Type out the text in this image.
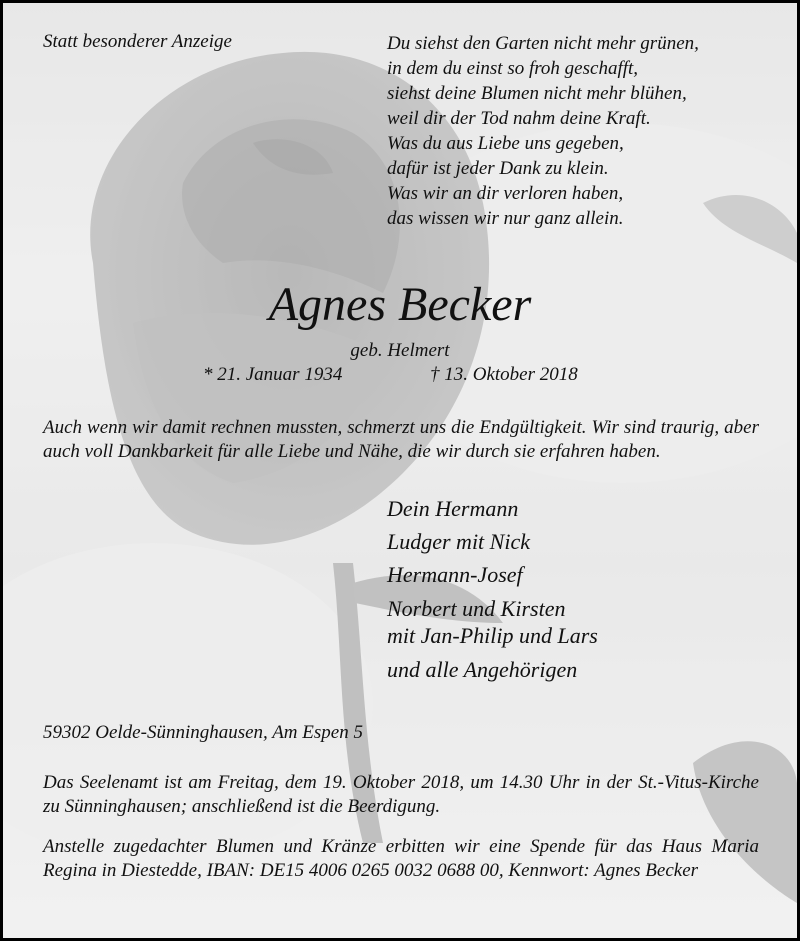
Statt besonderer Anzeige	Du siehst den Garten nicht mehr grünen,
in dem du einst so froh geschafft,
siehst deine Blumen nicht mehr blühen,
weil dir der Tod nahm deine Kraft.
Was du aus Liebe uns gegeben,
dafür ist jeder Dank zu klein.
Was wir an dir verloren haben,
das wissen wir nur ganz allein.
Agnes Becker
geb. Helmert
* 21. Januar 1934	† 13. Oktober 2018
Auch wenn wir damit rechnen mussten, schmerzt uns die Endgültigkeit. Wir sind traurig, aber auch voll Dankbarkeit für alle Liebe und Nähe, die wir durch sie erfahren haben.
Dein Hermann
Ludger mit Nick
Hermann-Josef
Norbert und Kirsten
mit Jan-Philip und Lars
und alle Angehörigen
59302 Oelde-Sünninghausen, Am Espen 5
Das Seelenamt ist am Freitag, dem 19. Oktober 2018, um 14.30 Uhr in der St.-Vitus-Kirche zu Sünninghausen; anschließend ist die Beerdigung.
Anstelle zugedachter Blumen und Kränze erbitten wir eine Spende für das Haus Maria Regina in Diestedde, IBAN: DE15 4006 0265 0032 0688 00, Kennwort: Agnes Becker
